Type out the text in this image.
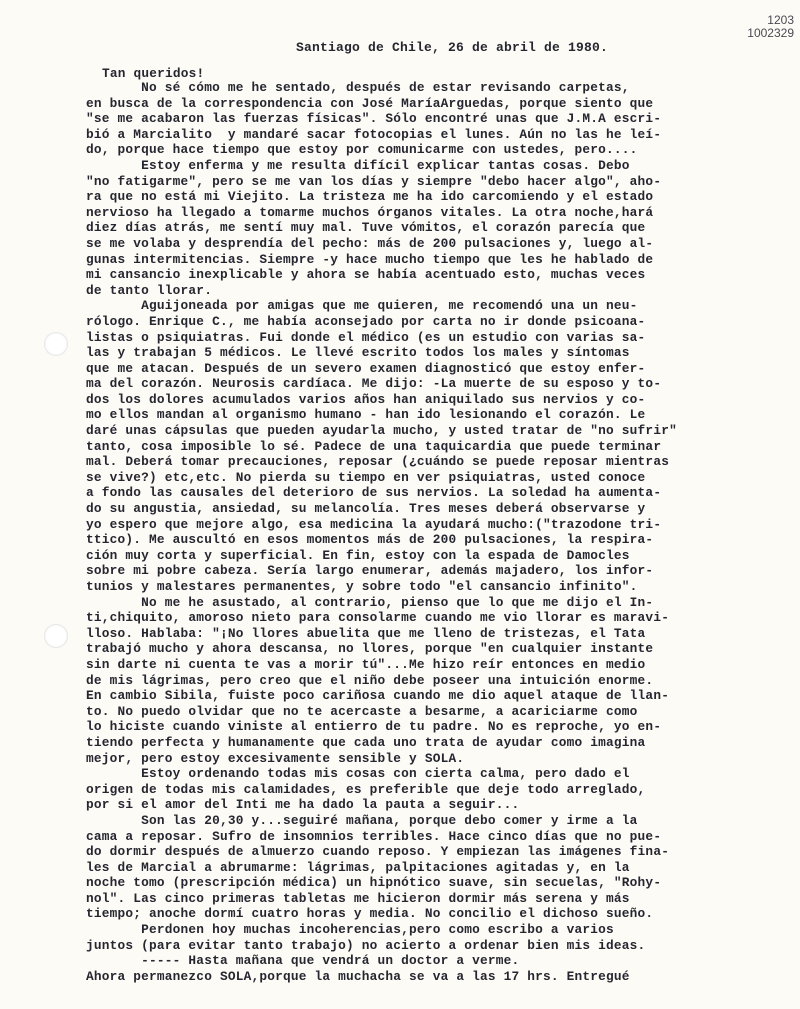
1203
1002329
Santiago de Chile, 26 de abril de 1980.
Tan queridos!
No sé cómo me he sentado, después de estar revisando carpetas,
en busca de la correspondencia con José MaríaArguedas, porque siento que
"se me acabaron las fuerzas físicas". Sólo encontré unas que J.M.A escri-
bió a Marcialito  y mandaré sacar fotocopias el lunes. Aún no las he leí-
do, porque hace tiempo que estoy por comunicarme con ustedes, pero....
Estoy enferma y me resulta difícil explicar tantas cosas. Debo
"no fatigarme", pero se me van los días y siempre "debo hacer algo", aho-
ra que no está mi Viejito. La tristeza me ha ido carcomiendo y el estado
nervioso ha llegado a tomarme muchos órganos vitales. La otra noche,hará
diez días atrás, me sentí muy mal. Tuve vómitos, el corazón parecía que
se me volaba y desprendía del pecho: más de 200 pulsaciones y, luego al-
gunas intermitencias. Siempre -y hace mucho tiempo que les he hablado de
mi cansancio inexplicable y ahora se había acentuado esto, muchas veces
de tanto llorar.
Aguijoneada por amigas que me quieren, me recomendó una un neu-
rólogo. Enrique C., me había aconsejado por carta no ir donde psicoana-
listas o psiquiatras. Fui donde el médico (es un estudio con varias sa-
las y trabajan 5 médicos. Le llevé escrito todos los males y síntomas
que me atacan. Después de un severo examen diagnosticó que estoy enfer-
ma del corazón. Neurosis cardíaca. Me dijo: -La muerte de su esposo y to-
dos los dolores acumulados varios años han aniquilado sus nervios y co-
mo ellos mandan al organismo humano - han ido lesionando el corazón. Le
daré unas cápsulas que pueden ayudarla mucho, y usted tratar de "no sufrir"
tanto, cosa imposible lo sé. Padece de una taquicardia que puede terminar
mal. Deberá tomar precauciones, reposar (¿cuándo se puede reposar mientras
se vive?) etc,etc. No pierda su tiempo en ver psiquiatras, usted conoce
a fondo las causales del deterioro de sus nervios. La soledad ha aumenta-
do su angustia, ansiedad, su melancolía. Tres meses deberá observarse y
yo espero que mejore algo, esa medicina la ayudará mucho:("trazodone tri-
ttico). Me auscultó en esos momentos más de 200 pulsaciones, la respira-
ción muy corta y superficial. En fin, estoy con la espada de Damocles
sobre mi pobre cabeza. Sería largo enumerar, además majadero, los infor-
tunios y malestares permanentes, y sobre todo "el cansancio infinito".
No me he asustado, al contrario, pienso que lo que me dijo el In-
ti,chiquito, amoroso nieto para consolarme cuando me vio llorar es maravi-
lloso. Hablaba: "¡No llores abuelita que me lleno de tristezas, el Tata
trabajó mucho y ahora descansa, no llores, porque "en cualquier instante
sin darte ni cuenta te vas a morir tú"...Me hizo reír entonces en medio
de mis lágrimas, pero creo que el niño debe poseer una intuición enorme.
En cambio Sibila, fuiste poco cariñosa cuando me dio aquel ataque de llan-
to. No puedo olvidar que no te acercaste a besarme, a acariciarme como
lo hiciste cuando viniste al entierro de tu padre. No es reproche, yo en-
tiendo perfecta y humanamente que cada uno trata de ayudar como imagina
mejor, pero estoy excesivamente sensible y SOLA.
Estoy ordenando todas mis cosas con cierta calma, pero dado el
origen de todas mis calamidades, es preferible que deje todo arreglado,
por si el amor del Inti me ha dado la pauta a seguir...
Son las 20,30 y...seguiré mañana, porque debo comer y irme a la
cama a reposar. Sufro de insomnios terribles. Hace cinco días que no pue-
do dormir después de almuerzo cuando reposo. Y empiezan las imágenes fina-
les de Marcial a abrumarme: lágrimas, palpitaciones agitadas y, en la
noche tomo (prescripción médica) un hipnótico suave, sin secuelas, "Rohy-
nol". Las cinco primeras tabletas me hicieron dormir más serena y más
tiempo; anoche dormí cuatro horas y media. No concilio el dichoso sueño.
Perdonen hoy muchas incoherencias,pero como escribo a varios
juntos (para evitar tanto trabajo) no acierto a ordenar bien mis ideas.
----- Hasta mañana que vendrá un doctor a verme.
Ahora permanezco SOLA,porque la muchacha se va a las 17 hrs. Entregué
